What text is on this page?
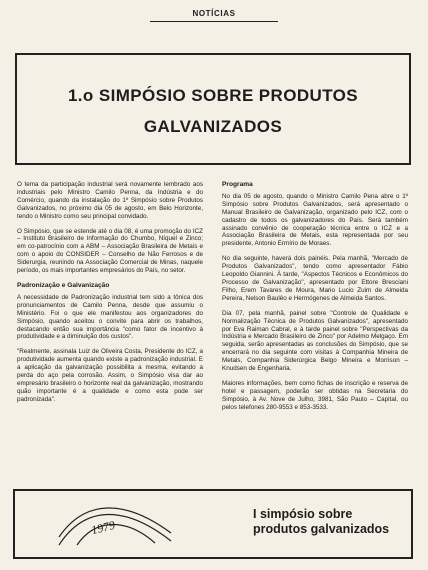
NOTÍCIAS
1.o SIMPÓSIO SOBRE PRODUTOS
GALVANIZADOS

O tema da participação industrial será novamente lembrado aos industriais pelo Ministro Camilo Penna, da Indústria e do Comércio, quando da instalação do 1º Simpósio sobre Produtos Galvanizados, no próximo dia 05 de agosto, em Belo Horizonte, tendo o Ministro como seu principal convidado.

O Simpósio, que se estende até o dia 08, é uma promoção do ICZ – Instituto Brasileiro de Informação do Chumbo, Níquel e Zinco; em co-patrocínio com a ABM – Associação Brasileira de Metais e com o apoio do CONSIDER – Conselho de Não Ferrosos e de Siderurgia, reunindo na Associação Comercial de Minas, naquele período, os mais importantes empresários do País, no setor.

Padronização e Galvanização

A necessidade de Padronização industrial tem sido a tônica dos pronunciamentos de Camilo Penna, desde que assumiu o Ministério. Foi o que ele manifestou aos organizadores do Simpósio, quando aceitou o convite para abrir os trabalhos, destacando então sua importância "como fator de incentivo à produtividade e a diminuição dos custos".

"Realmente, assinala Luiz de Oliveira Costa, Presidente do ICZ, a produtividade aumenta quando existe a padronização industrial. E a aplicação da galvanização possibilita a mesma, evitando a perda do aço pela corrosão. Assim, o Simpósio visa dar ao empresário brasileiro o horizonte real da galvanização, mostrando quão importante é a qualidade e como esta pode ser padronizada".

Programa

No dia 05 de agosto, quando o Ministro Camilo Pena abre o 1º Simpósio sobre Produtos Galvanizados, será apresentado o Manual Brasileiro de Galvanização, organizado pelo ICZ, com o cadastro de todos os galvanizadores do País. Será também assinado convênio de cooperação técnica entre o ICZ e a Associação Brasileira de Metais, esta representada por seu presidente, Antonio Ermírio de Moraes.

No dia seguinte, haverá dois painéis. Pela manhã, "Mercado de Produtos Galvanizados", tendo como apresentador Fábio Leopoldo Giannini. À tarde, "Aspectos Técnicos e Econômicos do Processo de Galvanização", apresentado por Ettore Bresciani Filho, Erem Tavares de Moura, Mario Lucio Zuim de Almeida Pereira, Nelson Baulêo e Hermógenes de Almeida Santos.

Dia 07, pela manhã, painel sobre "Controle de Qualidade e Normalização Técnica de Produtos Galvanizados", apresentado por Eva Raiman Cabral, e à tarde painel sobre "Perspectivas da Indústria e Mercado Brasileiro de Zinco" por Adelmo Melgaço. Em seguida, serão apresentadas as conclusões do Simpósio, que se encerrará no dia seguinte com visitas à Companhia Mineira de Metais, Companhia Siderúrgica Belgo Mineira e Morrison – Knudsen de Engenharia.

Maiores informações, bem como fichas de inscrição e reserva de hotel e passagem, poderão ser obtidas na Secretaria do Simpósio, à Av. Nove de Julho, 3981, São Paulo – Capital, ou pelos telefones 280-9553 e 853-3533.

1979
I simpósio sobre
produtos galvanizados
